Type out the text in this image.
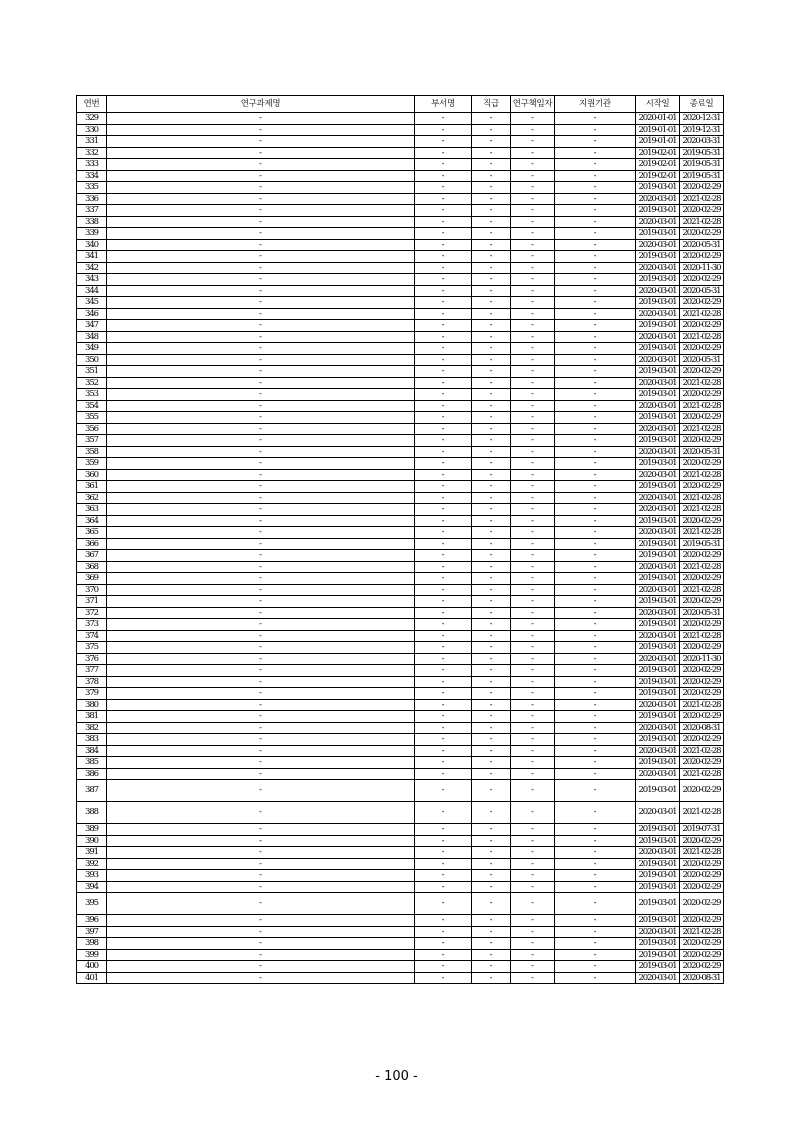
연번	연구과제명	부서명	직급	연구책임자	지원기관	시작일	종료일
329	-	-	-	-	-	2020-01-01	2020-12-31
330	-	-	-	-	-	2019-01-01	2019-12-31
331	-	-	-	-	-	2019-01-01	2020-03-31
332	-	-	-	-	-	2019-02-01	2019-05-31
333	-	-	-	-	-	2019-02-01	2019-05-31
334	-	-	-	-	-	2019-02-01	2019-05-31
335	-	-	-	-	-	2019-03-01	2020-02-29
336	-	-	-	-	-	2020-03-01	2021-02-28
337	-	-	-	-	-	2019-03-01	2020-02-29
338	-	-	-	-	-	2020-03-01	2021-02-28
339	-	-	-	-	-	2019-03-01	2020-02-29
340	-	-	-	-	-	2020-03-01	2020-05-31
341	-	-	-	-	-	2019-03-01	2020-02-29
342	-	-	-	-	-	2020-03-01	2020-11-30
343	-	-	-	-	-	2019-03-01	2020-02-29
344	-	-	-	-	-	2020-03-01	2020-05-31
345	-	-	-	-	-	2019-03-01	2020-02-29
346	-	-	-	-	-	2020-03-01	2021-02-28
347	-	-	-	-	-	2019-03-01	2020-02-29
348	-	-	-	-	-	2020-03-01	2021-02-28
349	-	-	-	-	-	2019-03-01	2020-02-29
350	-	-	-	-	-	2020-03-01	2020-05-31
351	-	-	-	-	-	2019-03-01	2020-02-29
352	-	-	-	-	-	2020-03-01	2021-02-28
353	-	-	-	-	-	2019-03-01	2020-02-29
354	-	-	-	-	-	2020-03-01	2021-02-28
355	-	-	-	-	-	2019-03-01	2020-02-29
356	-	-	-	-	-	2020-03-01	2021-02-28
357	-	-	-	-	-	2019-03-01	2020-02-29
358	-	-	-	-	-	2020-03-01	2020-05-31
359	-	-	-	-	-	2019-03-01	2020-02-29
360	-	-	-	-	-	2020-03-01	2021-02-28
361	-	-	-	-	-	2019-03-01	2020-02-29
362	-	-	-	-	-	2020-03-01	2021-02-28
363	-	-	-	-	-	2020-03-01	2021-02-28
364	-	-	-	-	-	2019-03-01	2020-02-29
365	-	-	-	-	-	2020-03-01	2021-02-28
366	-	-	-	-	-	2019-03-01	2019-05-31
367	-	-	-	-	-	2019-03-01	2020-02-29
368	-	-	-	-	-	2020-03-01	2021-02-28
369	-	-	-	-	-	2019-03-01	2020-02-29
370	-	-	-	-	-	2020-03-01	2021-02-28
371	-	-	-	-	-	2019-03-01	2020-02-29
372	-	-	-	-	-	2020-03-01	2020-05-31
373	-	-	-	-	-	2019-03-01	2020-02-29
374	-	-	-	-	-	2020-03-01	2021-02-28
375	-	-	-	-	-	2019-03-01	2020-02-29
376	-	-	-	-	-	2020-03-01	2020-11-30
377	-	-	-	-	-	2019-03-01	2020-02-29
378	-	-	-	-	-	2019-03-01	2020-02-29
379	-	-	-	-	-	2019-03-01	2020-02-29
380	-	-	-	-	-	2020-03-01	2021-02-28
381	-	-	-	-	-	2019-03-01	2020-02-29
382	-	-	-	-	-	2020-03-01	2020-08-31
383	-	-	-	-	-	2019-03-01	2020-02-29
384	-	-	-	-	-	2020-03-01	2021-02-28
385	-	-	-	-	-	2019-03-01	2020-02-29
386	-	-	-	-	-	2020-03-01	2021-02-28
387	-	-	-	-	-	2019-03-01	2020-02-29
388	-	-	-	-	-	2020-03-01	2021-02-28
389	-	-	-	-	-	2019-03-01	2019-07-31
390	-	-	-	-	-	2019-03-01	2020-02-29
391	-	-	-	-	-	2020-03-01	2021-02-28
392	-	-	-	-	-	2019-03-01	2020-02-29
393	-	-	-	-	-	2019-03-01	2020-02-29
394	-	-	-	-	-	2019-03-01	2020-02-29
395	-	-	-	-	-	2019-03-01	2020-02-29
396	-	-	-	-	-	2019-03-01	2020-02-29
397	-	-	-	-	-	2020-03-01	2021-02-28
398	-	-	-	-	-	2019-03-01	2020-02-29
399	-	-	-	-	-	2019-03-01	2020-02-29
400	-	-	-	-	-	2019-03-01	2020-02-29
401	-	-	-	-	-	2020-03-01	2020-08-31
- 100 -
